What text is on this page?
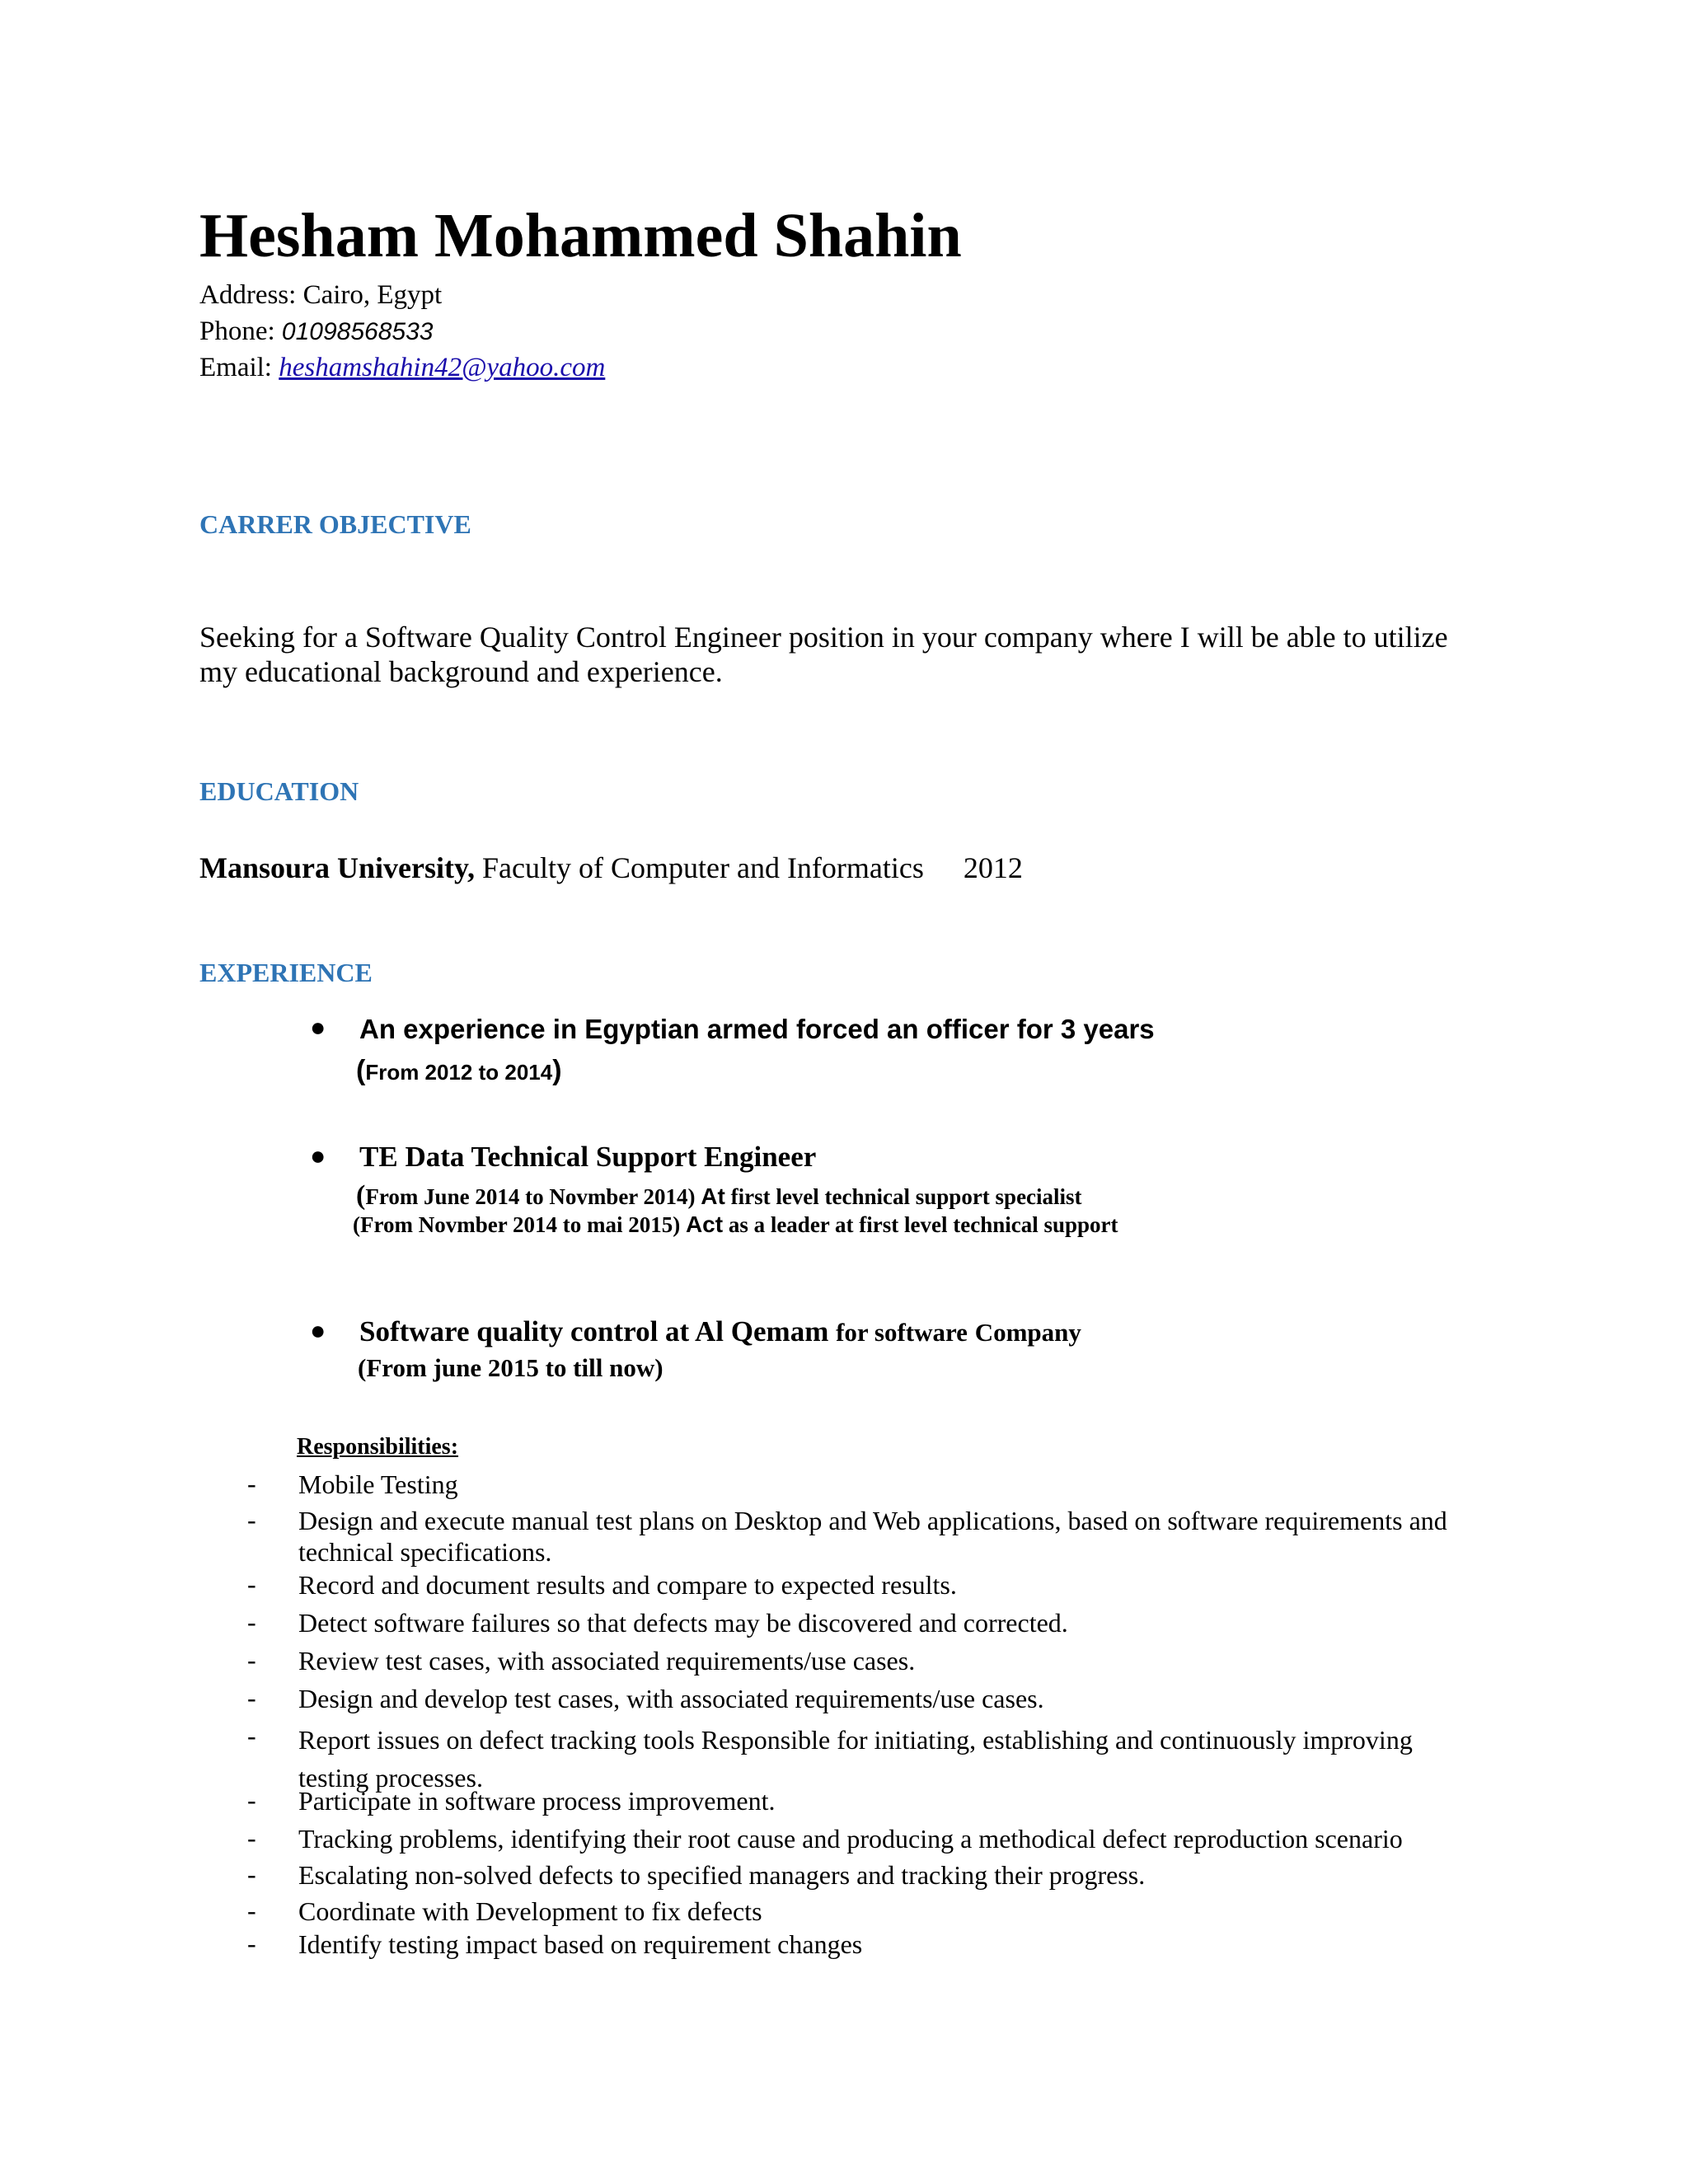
Hesham Mohammed Shahin
Address: Cairo, Egypt
Phone: 01098568533
Email: heshamshahin42@yahoo.com
CARRER OBJECTIVE
Seeking for a Software Quality Control Engineer position in your company where I will be able to utilize my educational background and experience.
EDUCATION
Mansoura University, Faculty of Computer and Informatics 2012
EXPERIENCE
● An experience in Egyptian armed forced an officer for 3 years
(From 2012 to 2014)
● TE Data Technical Support Engineer
(From June 2014 to Novmber 2014) At first level technical support specialist
(From Novmber 2014 to mai 2015) Act as a leader at first level technical support
● Software quality control at Al Qemam for software Company
(From june 2015 to till now)
Responsibilities:
- Mobile Testing
- Design and execute manual test plans on Desktop and Web applications, based on software requirements and technical specifications.
- Record and document results and compare to expected results.
- Detect software failures so that defects may be discovered and corrected.
- Review test cases, with associated requirements/use cases.
- Design and develop test cases, with associated requirements/use cases.
- Report issues on defect tracking tools Responsible for initiating, establishing and continuously improving testing processes.
- Participate in software process improvement.
- Tracking problems, identifying their root cause and producing a methodical defect reproduction scenario
- Escalating non-solved defects to specified managers and tracking their progress.
- Coordinate with Development to fix defects
- Identify testing impact based on requirement changes
